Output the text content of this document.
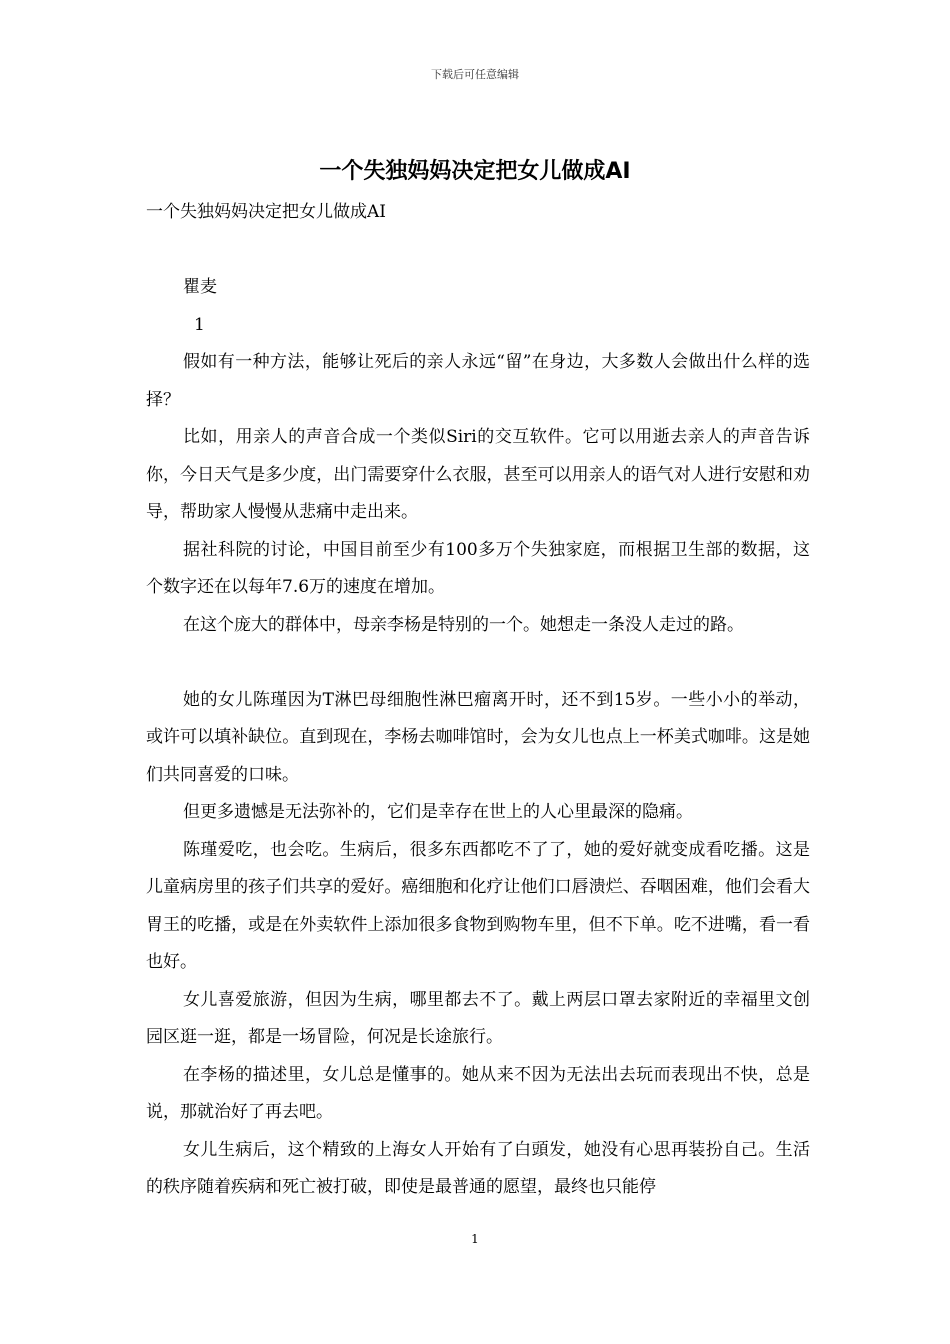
下载后可任意编辑
一个失独妈妈决定把女儿做成AI

一个失独妈妈决定把女儿做成AI

瞿麦

1

假如有一种方法，能够让死后的亲人永远“留”在身边，大多数人会做出什么样的选择？

比如，用亲人的声音合成一个类似Siri的交互软件。它可以用逝去亲人的声音告诉你，今日天气是多少度，出门需要穿什么衣服，甚至可以用亲人的语气对人进行安慰和劝导，帮助家人慢慢从悲痛中走出来。

据社科院的讨论，中国目前至少有100多万个失独家庭，而根据卫生部的数据，这个数字还在以每年7.6万的速度在增加。

在这个庞大的群体中，母亲李杨是特别的一个。她想走一条没人走过的路。

她的女儿陈瑾因为T淋巴母细胞性淋巴瘤离开时，还不到15岁。一些小小的举动，或许可以填补缺位。直到现在，李杨去咖啡馆时，会为女儿也点上一杯美式咖啡。这是她们共同喜爱的口味。

但更多遗憾是无法弥补的，它们是幸存在世上的人心里最深的隐痛。

陈瑾爱吃，也会吃。生病后，很多东西都吃不了了，她的爱好就变成看吃播。这是儿童病房里的孩子们共享的爱好。癌细胞和化疗让他们口唇溃烂、吞咽困难，他们会看大胃王的吃播，或是在外卖软件上添加很多食物到购物车里，但不下单。吃不进嘴，看一看也好。

女儿喜爱旅游，但因为生病，哪里都去不了。戴上两层口罩去家附近的幸福里文创园区逛一逛，都是一场冒险，何况是长途旅行。

在李杨的描述里，女儿总是懂事的。她从来不因为无法出去玩而表现出不快，总是说，那就治好了再去吧。

女儿生病后，这个精致的上海女人开始有了白頭发，她没有心思再装扮自己。生活的秩序随着疾病和死亡被打破，即使是最普通的愿望，最终也只能停

1
